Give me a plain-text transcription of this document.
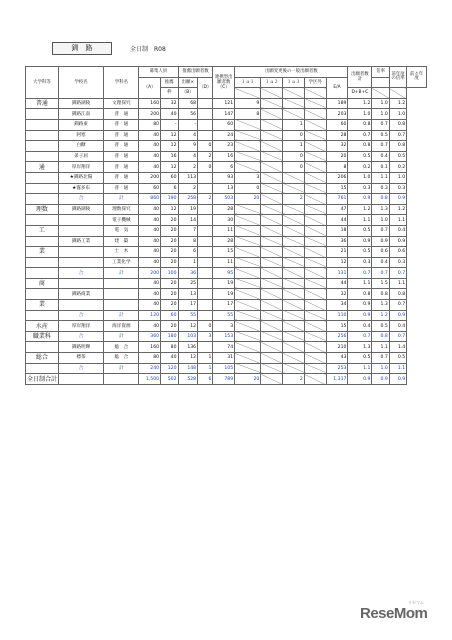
釧　路	全日制　R08
大学科等	学校名	学科名	募集人員		推薦出願者数		連携型出願者数（C）	出願変更後の一般出願者数					出願者数計	倍率	前年度の倍率	前々年度
			（A）	推薦	出願×	（D）		１ａ１	１ａ２	１ａ３	学区外	E/A				
				枠	（B）								D+B+C			
普通	釧路湖陵	文理探究	160	32	68		121	9				189	1.2	1.0	1.2	
	釧路江南	普　通	200	40	56		147	8				203	1.0	1.0	1.0	
	釧路東	普　通	80	-	-		60			1		60	0.8	0.7	0.8	
	阿寒	普　通	40	12	4		24			0		28	0.7	0.5	0.7	
	白糠	普　通	40	12	9	0	23			1		32	0.8	0.7	0.8	
	弟子屈	普　通	40	16	4	2	16			0		20	0.5	0.4	0.5	
通	厚岸翔洋	普　通	40	12	2	0	6			0		8	0.2	0.1	0.2	
	★釧路北陽	普　通	200	60	113		93	3				206	1.0	1.1	1.0	
	★霧多布	普　通	60	6	2		13	0				15	0.3	0.3	0.3	
	合	計	860	190	258	2	503	20		2		761	0.9	0.8	0.9	
理数	釧路湖陵	理数探究	40	12	19		28					47	1.2	1.3	1.2	
		電子機械	40	20	14		30					44	1.1	1.0	1.1	
工		電　気	40	20	7		11					18	0.5	0.7	0.4	
	釧路工業	建　築	40	20	8		28					36	0.9	0.9	0.9	
業		土　木	40	20	6		15					21	0.5	0.6	0.6	
		工業化学	40	20	1		11					12	0.3	0.4	0.3	
	合	計	200	100	36		95					131	0.7	0.7	0.7	
商			40	20	25		19					44	1.1	1.5	1.1	
	釧路商業		40	20	13		19					32	0.8	0.8	0.8	
業			40	20	17		17					34	0.9	1.3	0.7	
	合	計	120	60	55		55					110	0.9	1.2	0.9	
水産	厚岸翔洋	海洋資源	40	20	12	0	3					15	0.4	0.5	0.4	
職業科	合	計	360	180	103	3	153					256	0.7	0.8	0.7	
	釧路明輝	総　合	160	80	136		74					210	1.3	1.1	1.4	
総合	標茶	総　合	80	40	12	1	31					43	0.5	0.7	0.5	
	合	計	240	120	148	1	105					253	1.1	1.0	1.1	
全日制合計			1,500	502	528	6	789	20		2		1,317	0.9	0.9	0.9	
ReseMom
リセマム
